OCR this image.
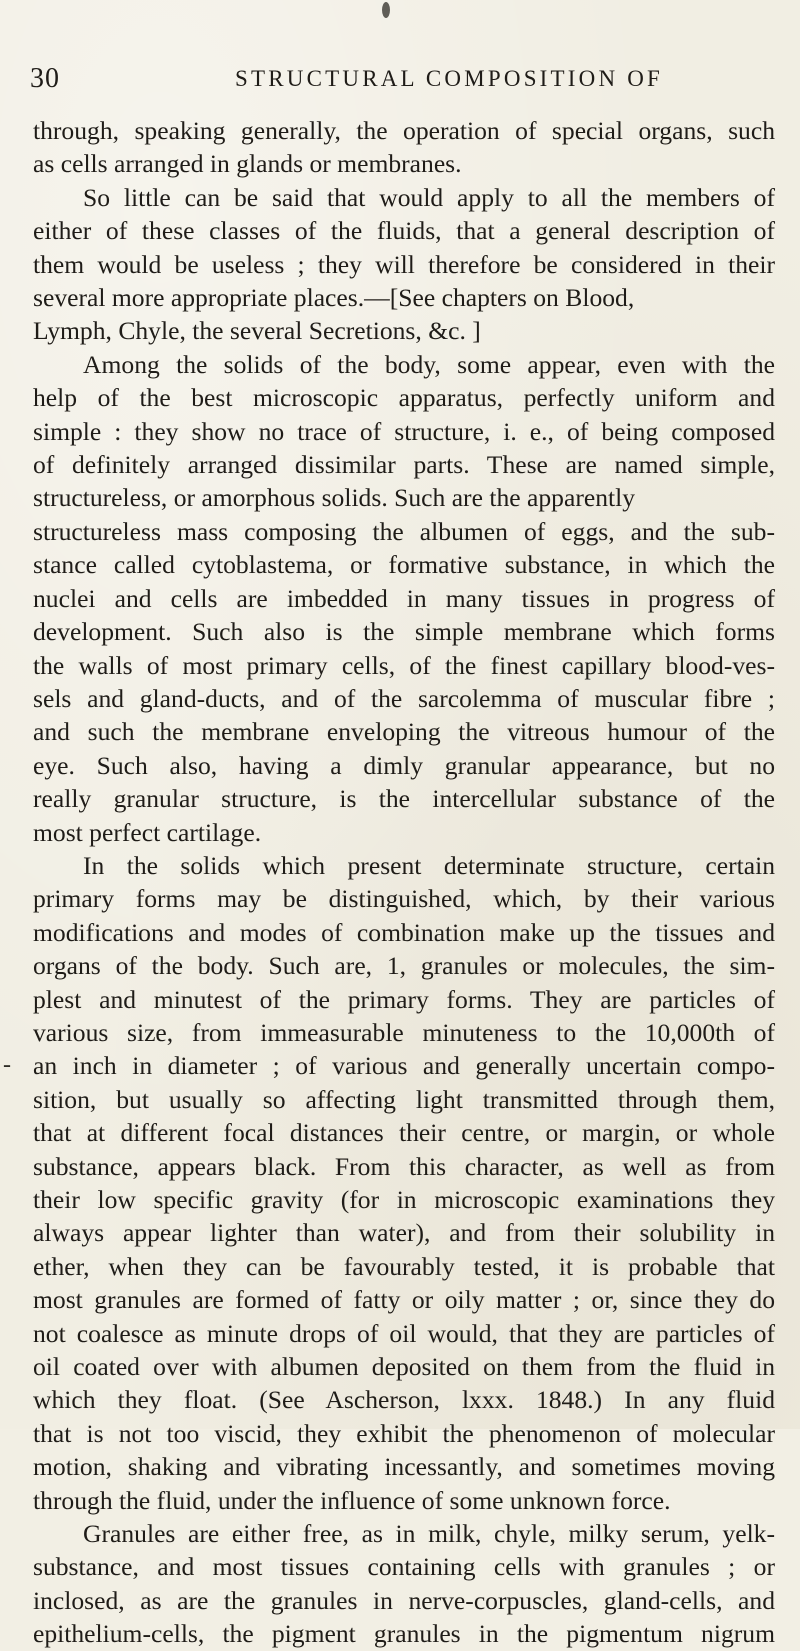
30	STRUCTURAL COMPOSITION OF
-
through, speaking generally, the operation of special organs, such
as cells arranged in glands or membranes.
So little can be said that would apply to all the members of
either of these classes of the fluids, that a general description of
them would be useless ; they will therefore be considered in their
several more appropriate places.—[See chapters on Blood,
Lymph, Chyle, the several Secretions, &c. ]
Among the solids of the body, some appear, even with the
help of the best microscopic apparatus, perfectly uniform and
simple : they show no trace of structure, i. e., of being composed
of definitely arranged dissimilar parts. These are named simple,
structureless, or amorphous solids. Such are the apparently
structureless mass composing the albumen of eggs, and the sub-
stance called cytoblastema, or formative substance, in which the
nuclei and cells are imbedded in many tissues in progress of
development. Such also is the simple membrane which forms
the walls of most primary cells, of the finest capillary blood-ves-
sels and gland-ducts, and of the sarcolemma of muscular fibre ;
and such the membrane enveloping the vitreous humour of the
eye. Such also, having a dimly granular appearance, but no
really granular structure, is the intercellular substance of the
most perfect cartilage.
In the solids which present determinate structure, certain
primary forms may be distinguished, which, by their various
modifications and modes of combination make up the tissues and
organs of the body. Such are, 1, granules or molecules, the sim-
plest and minutest of the primary forms. They are particles of
various size, from immeasurable minuteness to the 10,000th of
an inch in diameter ; of various and generally uncertain compo-
sition, but usually so affecting light transmitted through them,
that at different focal distances their centre, or margin, or whole
substance, appears black. From this character, as well as from
their low specific gravity (for in microscopic examinations they
always appear lighter than water), and from their solubility in
ether, when they can be favourably tested, it is probable that
most granules are formed of fatty or oily matter ; or, since they do
not coalesce as minute drops of oil would, that they are particles of
oil coated over with albumen deposited on them from the fluid in
which they float. (See Ascherson, lxxx. 1848.) In any fluid
that is not too viscid, they exhibit the phenomenon of molecular
motion, shaking and vibrating incessantly, and sometimes moving
through the fluid, under the influence of some unknown force.
Granules are either free, as in milk, chyle, milky serum, yelk-
substance, and most tissues containing cells with granules ; or
inclosed, as are the granules in nerve-corpuscles, gland-cells, and
epithelium-cells, the pigment granules in the pigmentum nigrum
